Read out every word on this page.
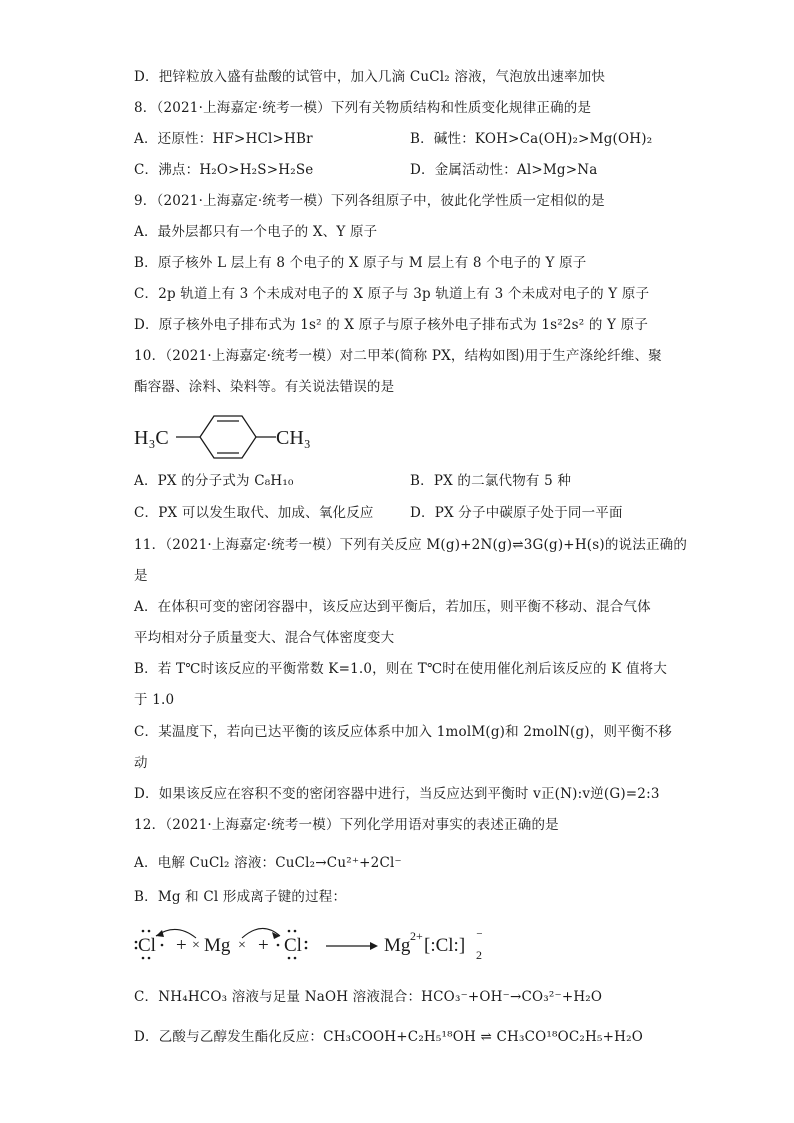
D．把锌粒放入盛有盐酸的试管中，加入几滴 CuCl₂ 溶液，气泡放出速率加快
8．（2021·上海嘉定·统考一模）下列有关物质结构和性质变化规律正确的是
A．还原性：HF>HCl>HBr	B．碱性：KOH>Ca(OH)₂>Mg(OH)₂
C．沸点：H₂O>H₂S>H₂Se	D．金属活动性：Al>Mg>Na
9．（2021·上海嘉定·统考一模）下列各组原子中，彼此化学性质一定相似的是
A．最外层都只有一个电子的 X、Y 原子
B．原子核外 L 层上有 8 个电子的 X 原子与 M 层上有 8 个电子的 Y 原子
C．2p 轨道上有 3 个未成对电子的 X 原子与 3p 轨道上有 3 个未成对电子的 Y 原子
D．原子核外电子排布式为 1s² 的 X 原子与原子核外电子排布式为 1s²2s² 的 Y 原子
10．（2021·上海嘉定·统考一模）对二甲苯(简称 PX，结构如图)用于生产涤纶纤维、聚
酯容器、涂料、染料等。有关说法错误的是
H₃C	CH₃
A．PX 的分子式为 C₈H₁₀	B．PX 的二氯代物有 5 种
C．PX 可以发生取代、加成、氧化反应	D．PX 分子中碳原子处于同一平面
11．（2021·上海嘉定·统考一模）下列有关反应 M(g)+2N(g)⇌3G(g)+H(s)的说法正确的
是
A．在体积可变的密闭容器中，该反应达到平衡后，若加压，则平衡不移动、混合气体
平均相对分子质量变大、混合气体密度变大
B．若 T℃时该反应的平衡常数 K=1.0，则在 T℃时在使用催化剂后该反应的 K 值将大
于 1.0
C．某温度下，若向已达平衡的该反应体系中加入 1molM(g)和 2molN(g)，则平衡不移
动
D．如果该反应在容积不变的密闭容器中进行，当反应达到平衡时 v正(N):v逆(G)=2:3
12．（2021·上海嘉定·统考一模）下列化学用语对事实的表述正确的是
A．电解 CuCl₂ 溶液：CuCl₂→Cu²⁺+2Cl⁻
B．Mg 和 Cl 形成离子键的过程：
Cl + × Mg × + Cl	Mg 2+ [:Cl:] ⁻
2
C．NH₄HCO₃ 溶液与足量 NaOH 溶液混合：HCO₃⁻+OH⁻→CO₃²⁻+H₂O
D．乙酸与乙醇发生酯化反应：CH₃COOH+C₂H₅¹⁸OH ⇌ CH₃CO¹⁸OC₂H₅+H₂O
